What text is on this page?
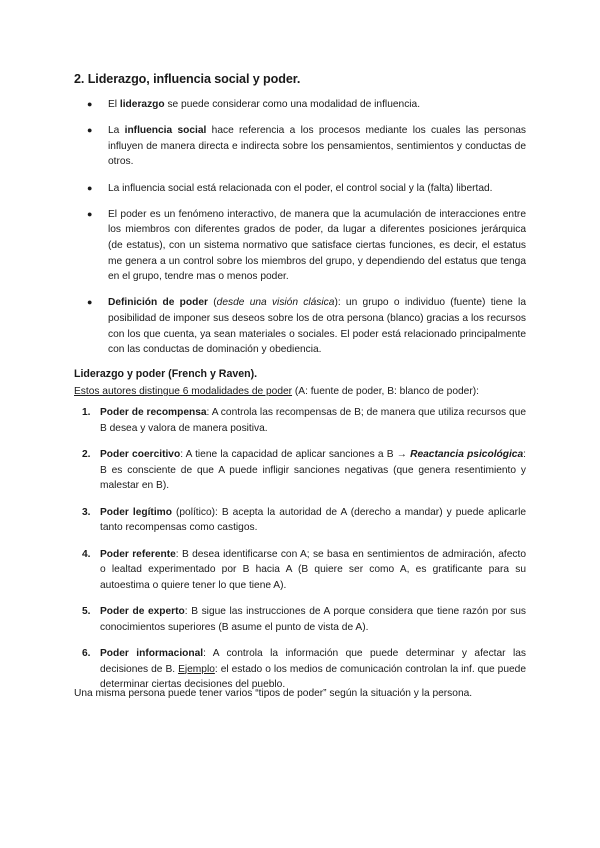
2. Liderazgo, influencia social y poder.
● El liderazgo se puede considerar como una modalidad de influencia.
● La influencia social hace referencia a los procesos mediante los cuales las personas influyen de manera directa e indirecta sobre los pensamientos, sentimientos y conductas de otros.
● La influencia social está relacionada con el poder, el control social y la (falta) libertad.
● El poder es un fenómeno interactivo, de manera que la acumulación de interacciones entre los miembros con diferentes grados de poder, da lugar a diferentes posiciones jerárquica (de estatus), con un sistema normativo que satisface ciertas funciones, es decir, el estatus me genera a un control sobre los miembros del grupo, y dependiendo del estatus que tenga en el grupo, tendre mas o menos poder.
● Definición de poder (desde una visión clásica): un grupo o individuo (fuente) tiene la posibilidad de imponer sus deseos sobre los de otra persona (blanco) gracias a los recursos con los que cuenta, ya sean materiales o sociales. El poder está relacionado principalmente con las conductas de dominación y obediencia.
Liderazgo y poder (French y Raven).
Estos autores distingue 6 modalidades de poder (A: fuente de poder, B: blanco de poder):
1. Poder de recompensa: A controla las recompensas de B; de manera que utiliza recursos que B desea y valora de manera positiva.
2. Poder coercitivo: A tiene la capacidad de aplicar sanciones a B → Reactancia psicológica: B es consciente de que A puede infligir sanciones negativas (que genera resentimiento y malestar en B).
3. Poder legítimo (político): B acepta la autoridad de A (derecho a mandar) y puede aplicarle tanto recompensas como castigos.
4. Poder referente: B desea identificarse con A; se basa en sentimientos de admiración, afecto o lealtad experimentado por B hacia A (B quiere ser como A, es gratificante para su autoestima o quiere tener lo que tiene A).
5. Poder de experto: B sigue las instrucciones de A porque considera que tiene razón por sus conocimientos superiores (B asume el punto de vista de A).
6. Poder informacional: A controla la información que puede determinar y afectar las decisiones de B. Ejemplo: el estado o los medios de comunicación controlan la inf. que puede determinar ciertas decisiones del pueblo.
Una misma persona puede tener varios “tipos de poder” según la situación y la persona.
